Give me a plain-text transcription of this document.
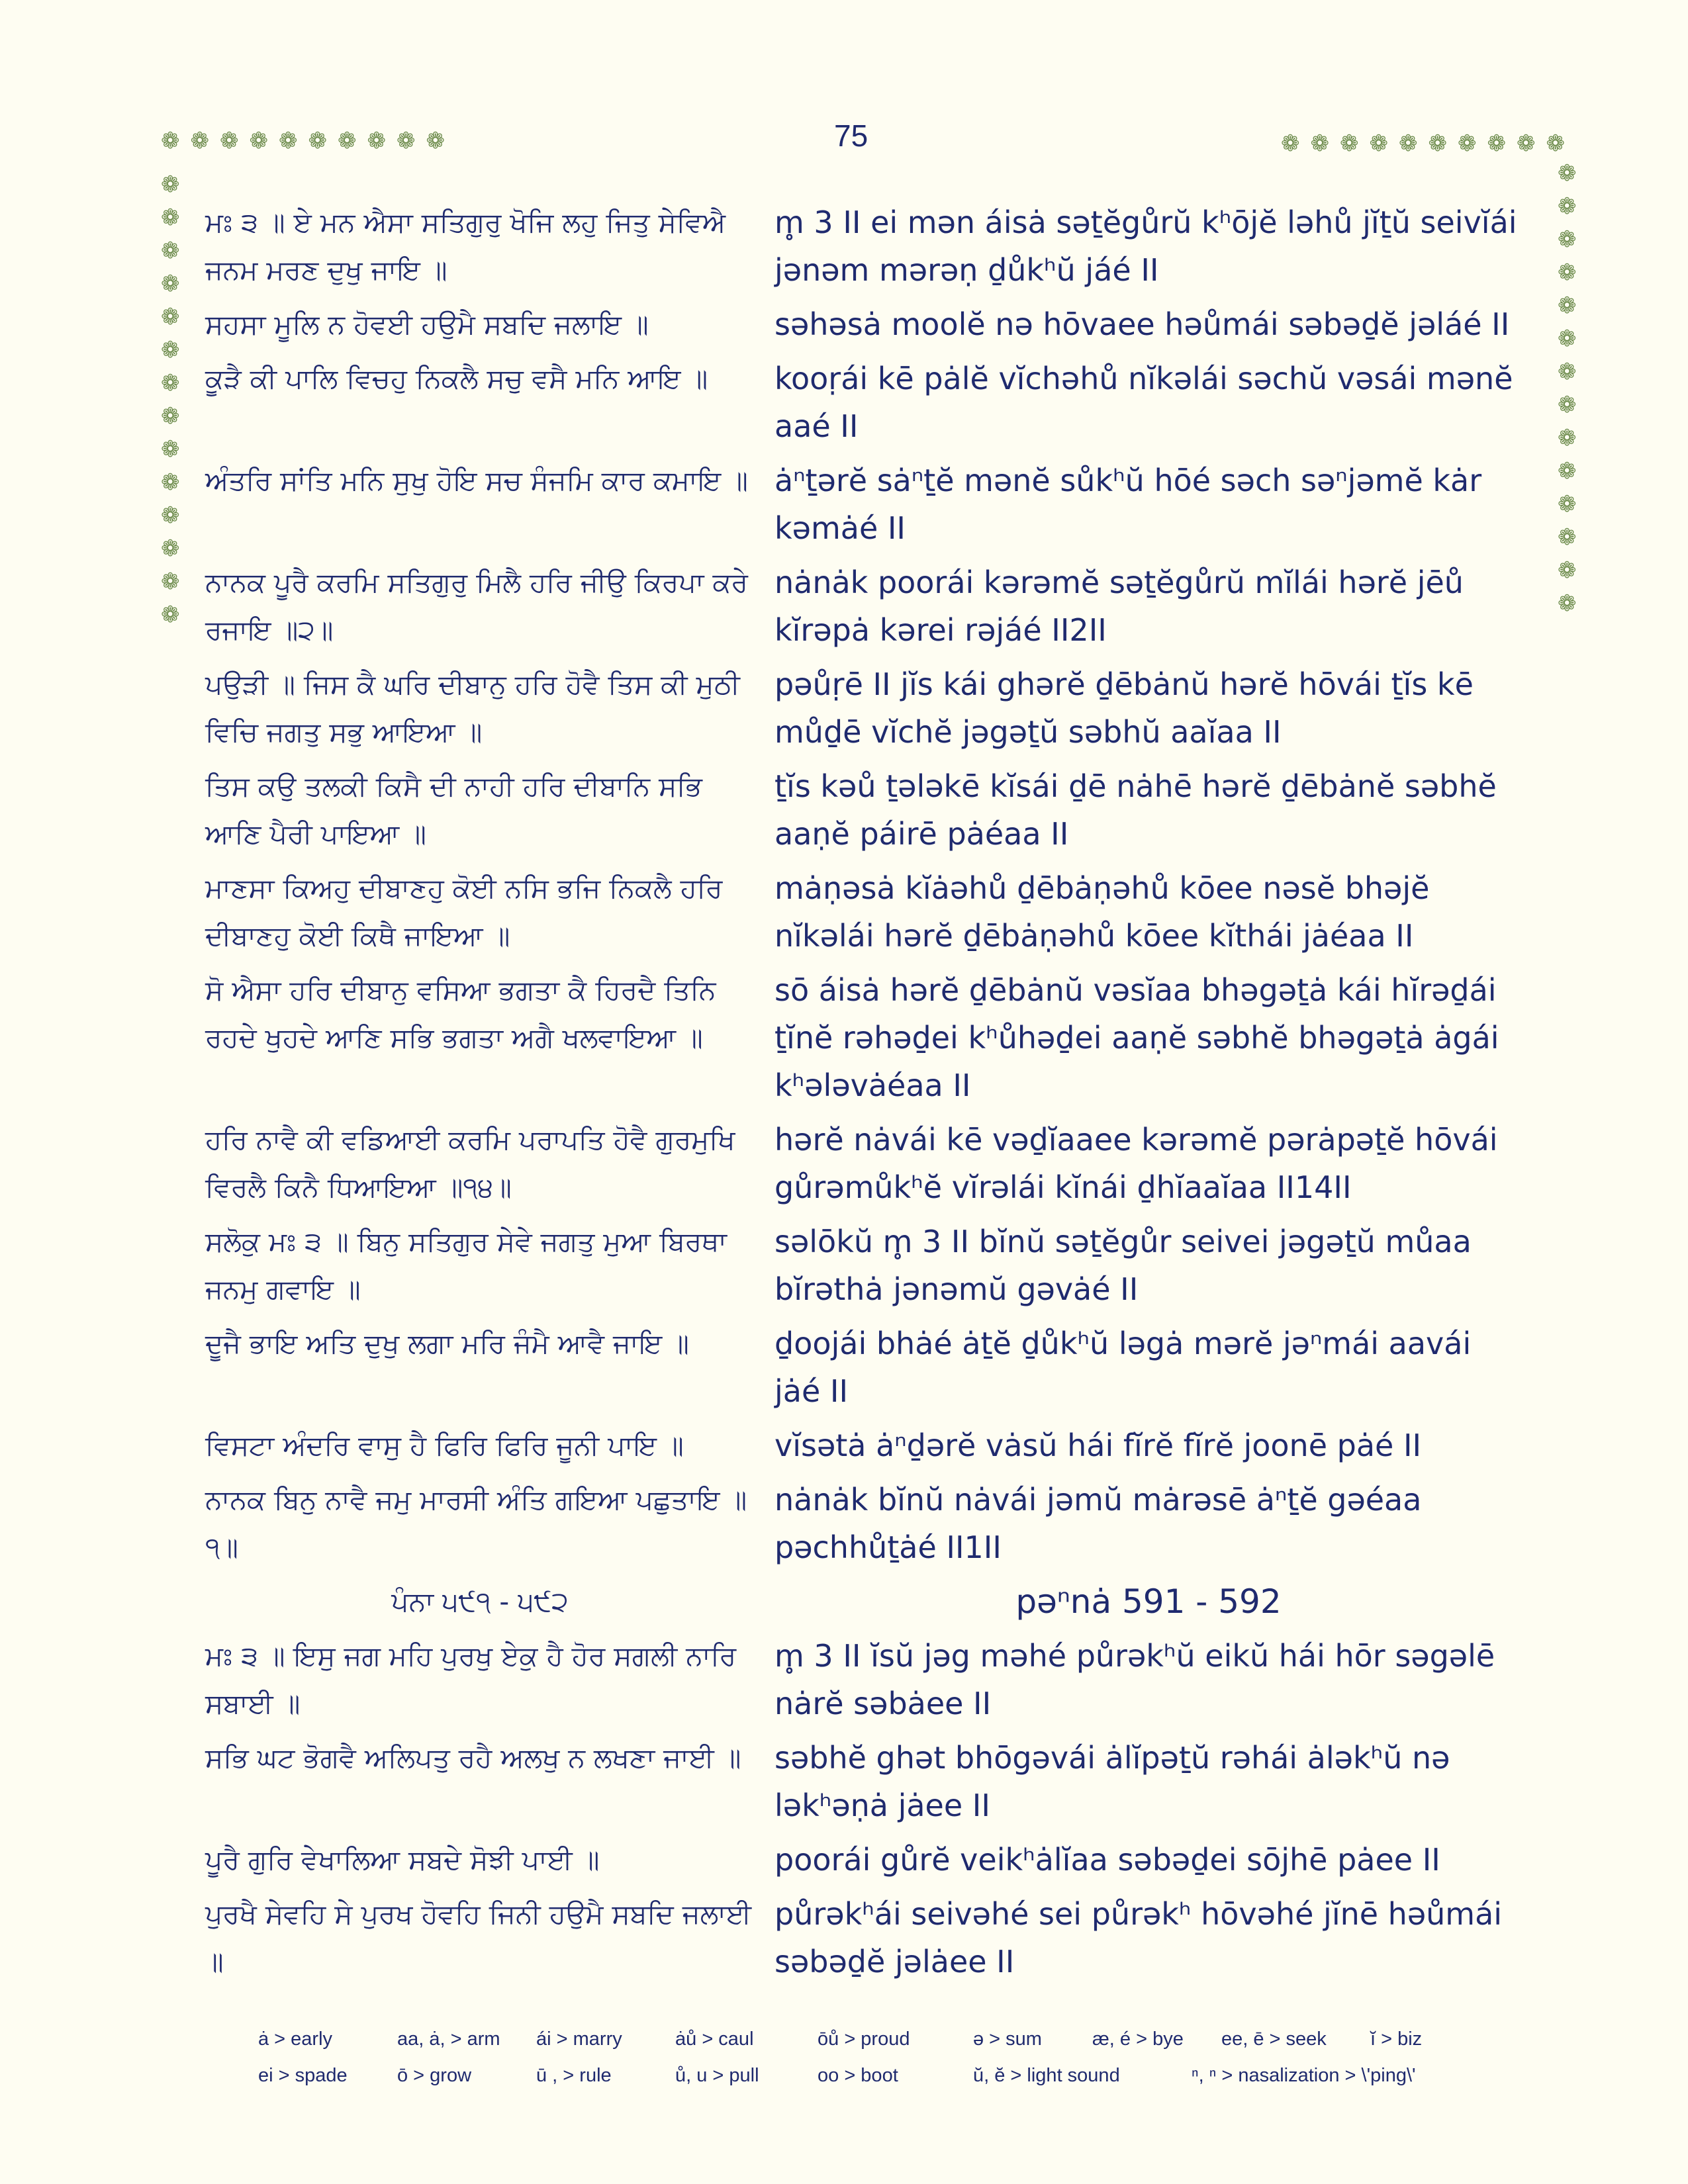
❁ ❁ ❁ ❁ ❁ ❁ ❁ ❁ ❁ ❁
❁
❁
❁
❁
❁
❁
❁
❁
❁
❁
❁
❁
❁
❁
❁ ❁ ❁ ❁ ❁ ❁ ❁ ❁ ❁ ❁
❁
❁
❁
❁
❁
❁
❁
❁
❁
❁
❁
❁
❁
❁
75
ਮਃ ੩ ॥ ਏ ਮਨ ਐਸਾ ਸਤਿਗੁਰੁ ਖੋਜਿ ਲਹੁ ਜਿਤੁ ਸੇਵਿਐ ਜਨਮ ਮਰਣ ਦੁਖੁ ਜਾਇ ॥
m̥ 3 II ei mən áisȧ səṯĕgůrŭ kʰōjĕ ləhů jĭṯŭ seivĭái jənəm mərəṇ ḏůkʰŭ jáé II
ਸਹਸਾ ਮੂਲਿ ਨ ਹੋਵਈ ਹਉਮੈ ਸਬਦਿ ਜਲਾਇ ॥	səhəsȧ moolĕ nə hōvaee həůmái səbəḏĕ jəláé II
ਕੂੜੈ ਕੀ ਪਾਲਿ ਵਿਚਹੁ ਨਿਕਲੈ ਸਚੁ ਵਸੈ ਮਨਿ ਆਇ ॥	kooṛái kē pȧlĕ vĭchəhů nĭkəlái səchŭ vəsái mənĕ aaé II
ਅੰਤਰਿ ਸਾਂਤਿ ਮਨਿ ਸੁਖੁ ਹੋਇ ਸਚ ਸੰਜਮਿ ਕਾਰ ਕਮਾਇ ॥ ȧⁿṯərĕ sȧⁿṯĕ mənĕ sůkʰŭ hōé səch səⁿjəmĕ kȧr kəmȧé II
ਨਾਨਕ ਪੂਰੈ ਕਰਮਿ ਸਤਿਗੁਰੁ ਮਿਲੈ ਹਰਿ ਜੀਉ ਕਿਰਪਾ ਕਰੇ ਰਜਾਇ ॥੨॥
nȧnȧk poorái kərəmĕ səṯĕgůrŭ mĭlái hərĕ jēů kĭrəpȧ kərei rəjáé II2II
ਪਉੜੀ ॥ ਜਿਸ ਕੈ ਘਰਿ ਦੀਬਾਨੁ ਹਰਿ ਹੋਵੈ ਤਿਸ ਕੀ ਮੁਠੀ ਵਿਚਿ ਜਗਤੁ ਸਭੁ ਆਇਆ ॥
pəůṛē II jĭs kái ghərĕ ḏēbȧnŭ hərĕ hōvái ṯĭs kē můḏē vĭchĕ jəgəṯŭ səbhŭ aaĭaa II
ਤਿਸ ਕਉ ਤਲਕੀ ਕਿਸੈ ਦੀ ਨਾਹੀ ਹਰਿ ਦੀਬਾਨਿ ਸਭਿ ਆਣਿ ਪੈਰੀ ਪਾਇਆ ॥
ṯĭs kəů ṯələkē kĭsái ḏē nȧhē hərĕ ḏēbȧnĕ səbhĕ aaṇĕ páirē pȧéaa II
ਮਾਣਸਾ ਕਿਅਹੁ ਦੀਬਾਣਹੁ ਕੋਈ ਨਸਿ ਭਜਿ ਨਿਕਲੈ ਹਰਿ ਦੀਬਾਣਹੁ ਕੋਈ ਕਿਥੈ ਜਾਇਆ ॥
mȧṇəsȧ kĭȧəhů ḏēbȧṇəhů kōee nəsĕ bhəjĕ nĭkəlái hərĕ ḏēbȧṇəhů kōee kĭthái jȧéaa II
ਸੋ ਐਸਾ ਹਰਿ ਦੀਬਾਨੁ ਵਸਿਆ ਭਗਤਾ ਕੈ ਹਿਰਦੈ ਤਿਨਿ ਰਹਦੇ ਖੁਹਦੇ ਆਣਿ ਸਭਿ ਭਗਤਾ ਅਗੈ ਖਲਵਾਇਆ ॥
sō áisȧ hərĕ ḏēbȧnŭ vəsĭaa bhəgəṯȧ kái hĭrəḏái ṯĭnĕ rəhəḏei kʰůhəḏei aaṇĕ səbhĕ bhəgəṯȧ ȧgái kʰələvȧéaa II
ਹਰਿ ਨਾਵੈ ਕੀ ਵਡਿਆਈ ਕਰਮਿ ਪਰਾਪਤਿ ਹੋਵੈ ਗੁਰਮੁਖਿ ਵਿਰਲੈ ਕਿਨੈ ਧਿਆਇਆ ॥੧੪॥
hərĕ nȧvái kē vəḏĭaaee kərəmĕ pərȧpəṯĕ hōvái gůrəmůkʰĕ vĭrəlái kĭnái ḏhĭaaĭaa II14II
ਸਲੋਕੁ ਮਃ ੩ ॥ ਬਿਨੁ ਸਤਿਗੁਰ ਸੇਵੇ ਜਗਤੁ ਮੁਆ ਬਿਰਥਾ ਜਨਮੁ ਗਵਾਇ ॥
səlōkŭ m̥ 3 II bĭnŭ səṯĕgůr seivei jəgəṯŭ můaa bĭrəthȧ jənəmŭ gəvȧé II
ਦੂਜੈ ਭਾਇ ਅਤਿ ਦੁਖੁ ਲਗਾ ਮਰਿ ਜੰਮੈ ਆਵੈ ਜਾਇ ॥	ḏoojái bhȧé ȧṯĕ ḏůkʰŭ ləgȧ mərĕ jəⁿmái aavái jȧé II
ਵਿਸਟਾ ਅੰਦਰਿ ਵਾਸੁ ਹੈ ਫਿਰਿ ਫਿਰਿ ਜੂਨੀ ਪਾਇ ॥	vĭsətȧ ȧⁿḏərĕ vȧsŭ hái fĭrĕ fĭrĕ joonē pȧé II
ਨਾਨਕ ਬਿਨੁ ਨਾਵੈ ਜਮੁ ਮਾਰਸੀ ਅੰਤਿ ਗਇਆ ਪਛੁਤਾਇ ॥੧॥
nȧnȧk bĭnŭ nȧvái jəmŭ mȧrəsē ȧⁿṯĕ gəéaa pəchhůṯȧé II1II
ਪੰਨਾ ੫੯੧ - ੫੯੨	pəⁿnȧ 591 - 592
ਮਃ ੩ ॥ ਇਸੁ ਜਗ ਮਹਿ ਪੁਰਖੁ ਏਕੁ ਹੈ ਹੋਰ ਸਗਲੀ ਨਾਰਿ ਸਬਾਈ ॥
m̥ 3 II ĭsŭ jəg məhé půrəkʰŭ eikŭ hái hōr səgəlē nȧrĕ səbȧee II
ਸਭਿ ਘਟ ਭੋਗਵੈ ਅਲਿਪਤੁ ਰਹੈ ਅਲਖੁ ਨ ਲਖਣਾ ਜਾਈ ॥	səbhĕ ghət bhōgəvái ȧlĭpəṯŭ rəhái ȧləkʰŭ nə ləkʰəṇȧ jȧee II
ਪੂਰੈ ਗੁਰਿ ਵੇਖਾਲਿਆ ਸਬਦੇ ਸੋਝੀ ਪਾਈ ॥	poorái gůrĕ veikʰȧlĭaa səbəḏei sōjhē pȧee II
ਪੁਰਖੈ ਸੇਵਹਿ ਸੇ ਪੁਰਖ ਹੋਵਹਿ ਜਿਨੀ ਹਉਮੈ ਸਬਦਿ ਜਲਾਈ ॥
půrəkʰái seivəhé sei půrəkʰ hōvəhé jĭnē həůmái səbəḏĕ jəlȧee II
ȧ > early	aa, ȧ, > arm	ái > marry	ȧů > caul	ōů > proud	ə > sum	æ, é > bye	ee, ē > seek	ĭ > biz
ei > spade	ō > grow	ū , > rule	ů, u > pull	oo > boot	ŭ, ĕ > light sound	ⁿ, ⁿ > nasalization > \'ping\'
